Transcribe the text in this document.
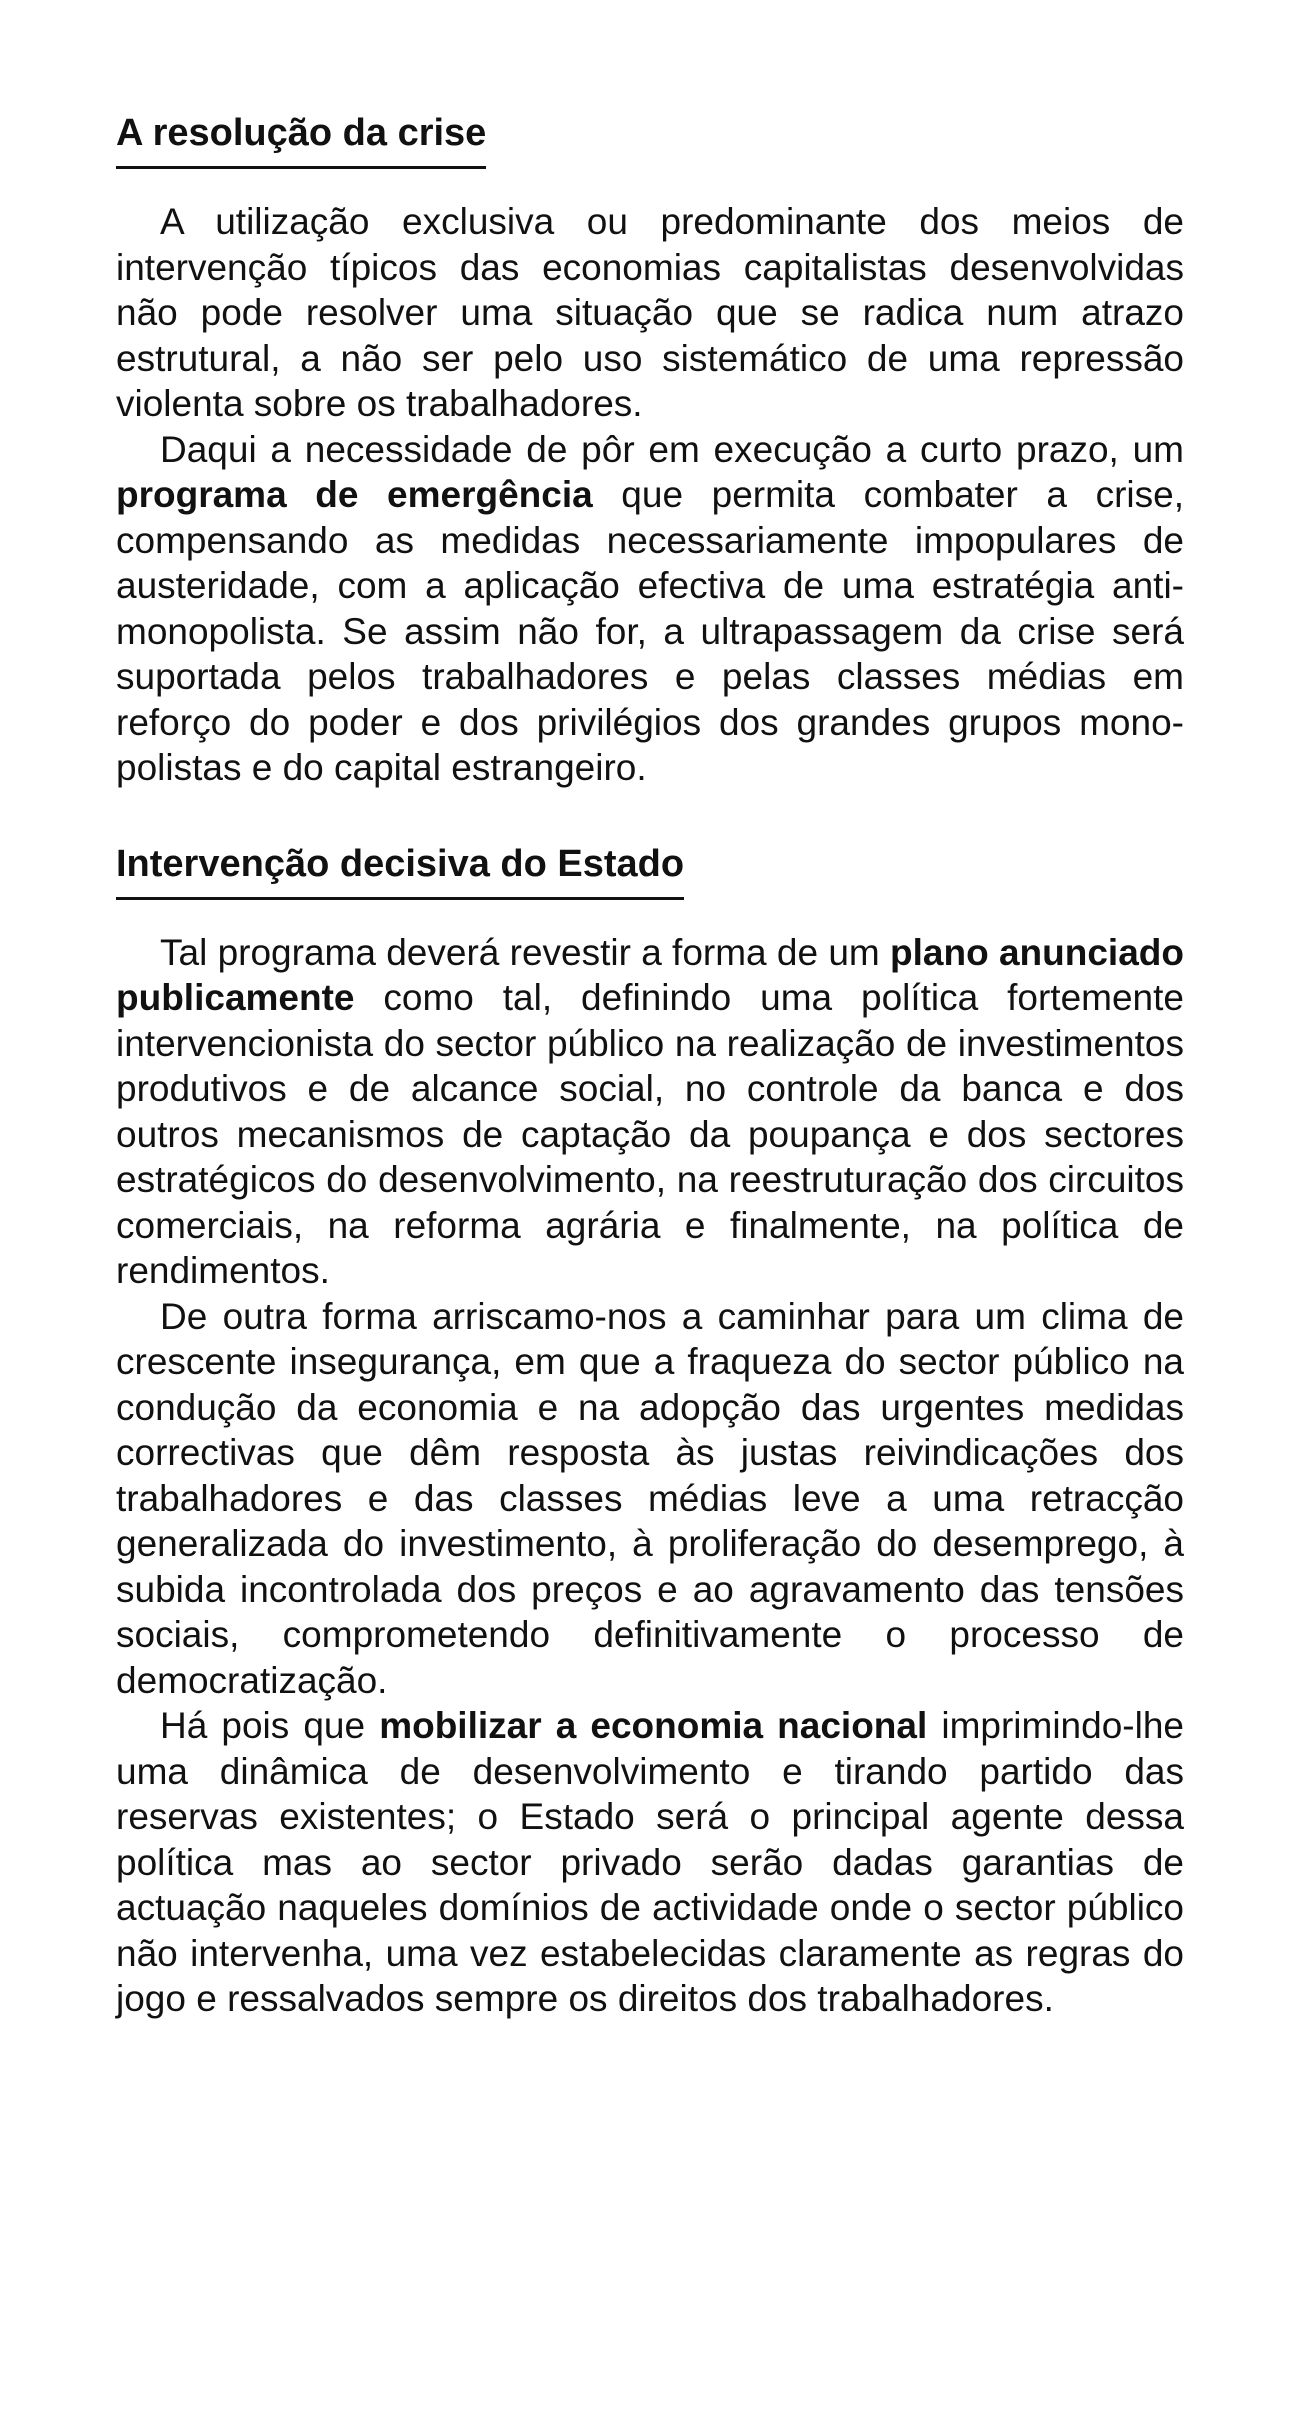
A resolução da crise

A utilização exclusiva ou predominante dos meios de intervenção típicos das economias capitalistas desenvolvidas não pode resolver uma situação que se radica num atrazo estrutural, a não ser pelo uso sistemático de uma repressão violenta sobre os trabalhadores.

Daqui a necessidade de pôr em execução a curto prazo, um programa de emergência que permita combater a crise, compensando as medidas necessariamente impopulares de austeridade, com a aplicação efectiva de uma estratégia anti-monopolista. Se assim não for, a ultrapassagem da crise será suportada pelos trabalhadores e pelas classes médias em reforço do poder e dos privilégios dos grandes grupos monopolistas e do capital estrangeiro.

Intervenção decisiva do Estado

Tal programa deverá revestir a forma de um plano anunciado publicamente como tal, definindo uma política fortemente intervencionista do sector público na realização de investimentos produtivos e de alcance social, no controle da banca e dos outros mecanismos de captação da poupança e dos sectores estratégicos do desenvolvimento, na reestruturação dos circuitos comerciais, na reforma agrária e finalmente, na política de rendimentos.

De outra forma arriscamo-nos a caminhar para um clima de crescente insegurança, em que a fraqueza do sector público na condução da economia e na adopção das urgentes medidas correctivas que dêm resposta às justas reivindicações dos trabalhadores e das classes médias leve a uma retracção generalizada do investimento, à proliferação do desemprego, à subida incontrolada dos preços e ao agravamento das tensões sociais, comprometendo definitivamente o processo de democratização.

Há pois que mobilizar a economia nacional imprimindo-lhe uma dinâmica de desenvolvimento e tirando partido das reservas existentes; o Estado será o principal agente dessa política mas ao sector privado serão dadas garantias de actuação naqueles domínios de actividade onde o sector público não intervenha, uma vez estabelecidas claramente as regras do jogo e ressalvados sempre os direitos dos trabalhadores.
